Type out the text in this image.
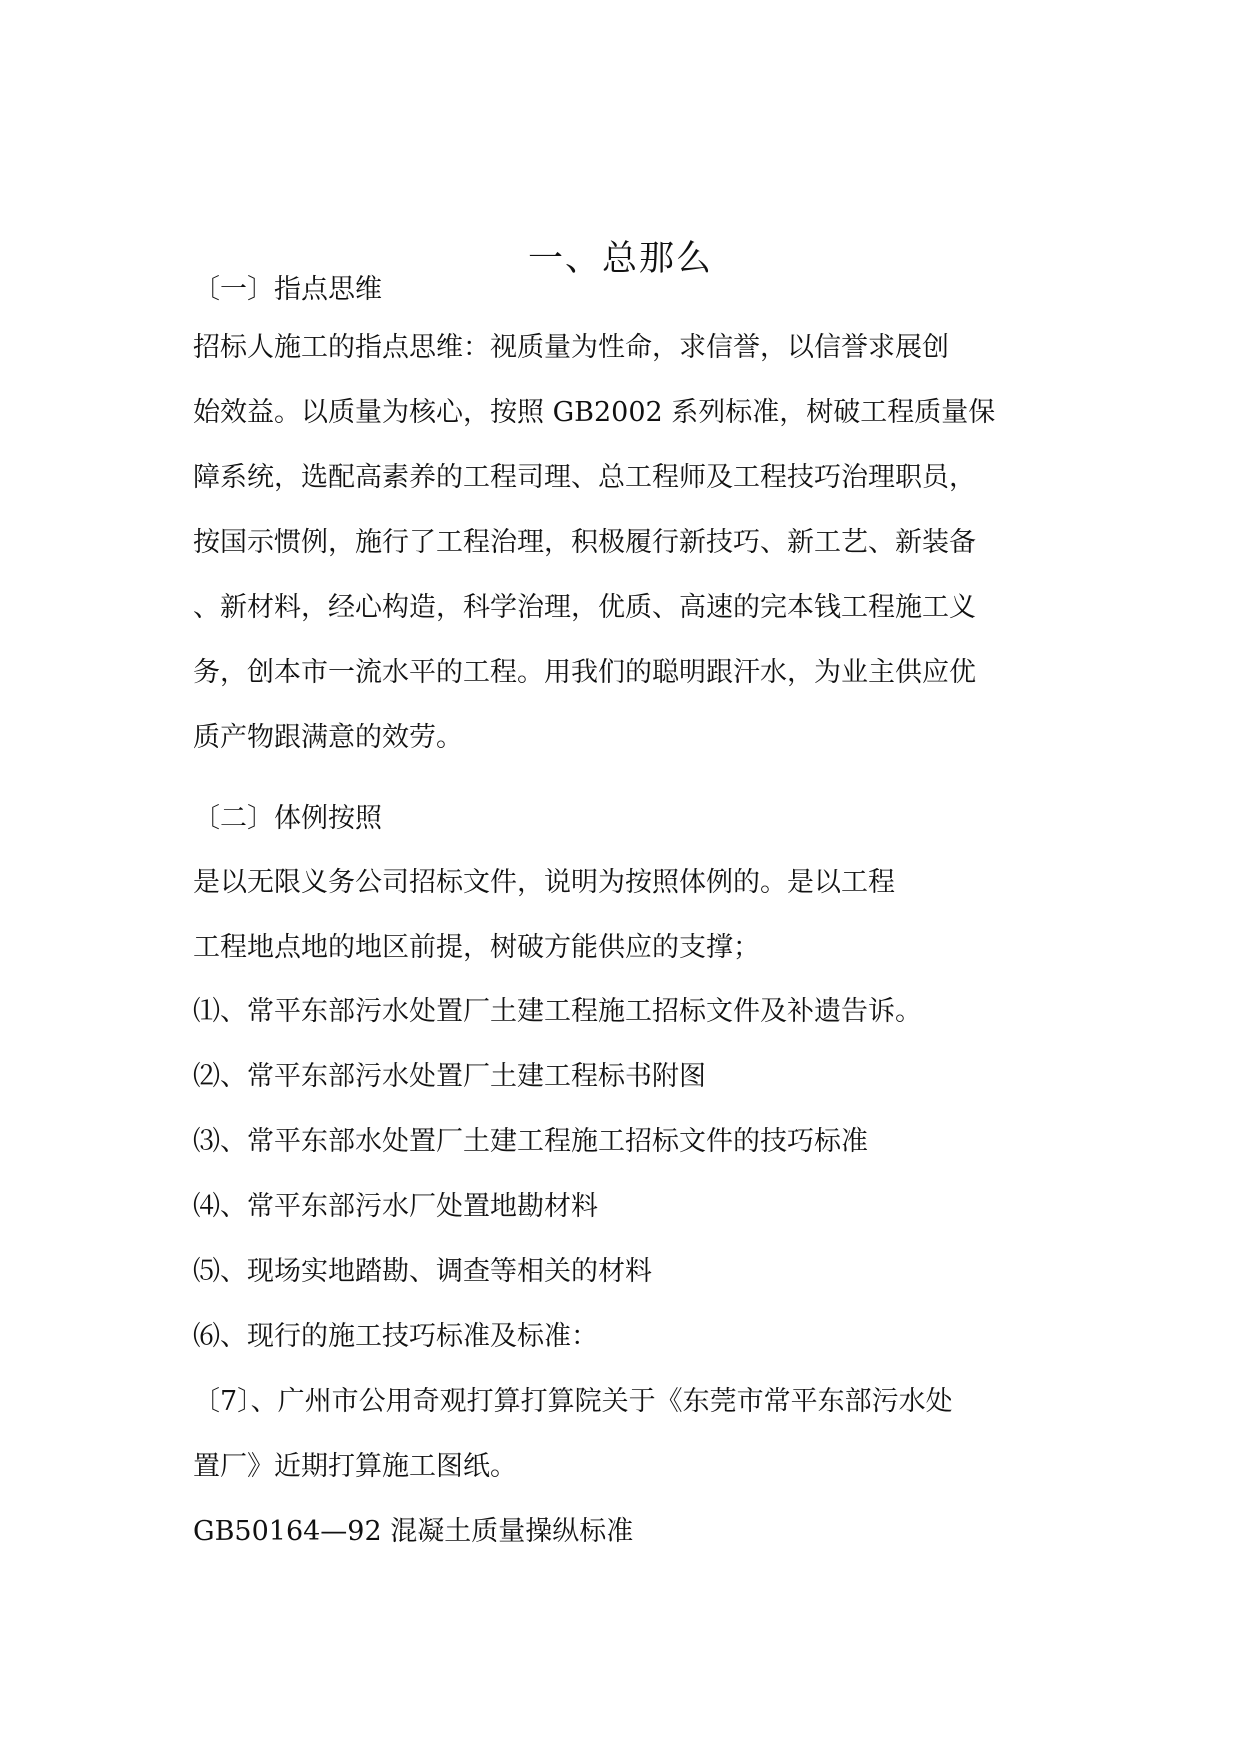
一、总那么
〔一〕指点思维
招标人施工的指点思维：视质量为性命，求信誉，以信誉求展创
始效益。以质量为核心，按照 GB2002 系列标准，树破工程质量保
障系统，选配高素养的工程司理、总工程师及工程技巧治理职员，
按国示惯例，施行了工程治理，积极履行新技巧、新工艺、新装备
、新材料，经心构造，科学治理，优质、高速的完本钱工程施工义
务，创本市一流水平的工程。用我们的聪明跟汗水，为业主供应优
质产物跟满意的效劳。
〔二〕体例按照
是以无限义务公司招标文件，说明为按照体例的。是以工程
工程地点地的地区前提，树破方能供应的支撑；
⑴、常平东部污水处置厂土建工程施工招标文件及补遗告诉。
⑵、常平东部污水处置厂土建工程标书附图
⑶、常平东部水处置厂土建工程施工招标文件的技巧标准
⑷、常平东部污水厂处置地勘材料
⑸、现场实地踏勘、调查等相关的材料
⑹、现行的施工技巧标准及标准：
〔7〕、广州市公用奇观打算打算院关于《东莞市常平东部污水处
置厂》近期打算施工图纸。
GB50164—92 混凝土质量操纵标准
